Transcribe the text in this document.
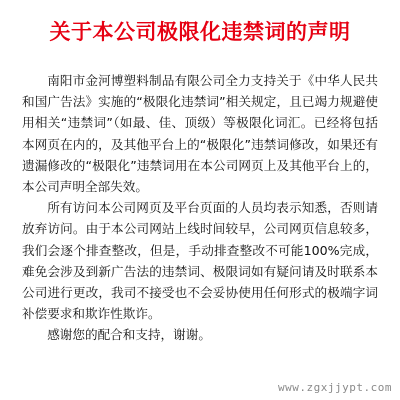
关于本公司极限化违禁词的声明

南阳市金河博塑料制品有限公司全力支持关于《中华人民共和国广告法》实施的“极限化违禁词”相关规定，且已竭力规避使用相关“违禁词”（如最、佳、顶级）等极限化词汇。已经将包括本网页在内的，及其他平台上的“极限化”违禁词修改，如果还有遗漏修改的“极限化”违禁词用在本公司网页上及其他平台上的，本公司声明全部失效。

所有访问本公司网页及平台页面的人员均表示知悉，否则请放弃访问。由于本公司网站上线时间较早，公司网页信息较多，我们会逐个排查整改，但是，手动排查整改不可能100%完成，难免会涉及到新广告法的违禁词、极限词如有疑问请及时联系本公司进行更改，我司不接受也不会妥协使用任何形式的极端字词补偿要求和欺诈性欺诈。

感谢您的配合和支持，谢谢。

www.zgxjjypt.com
